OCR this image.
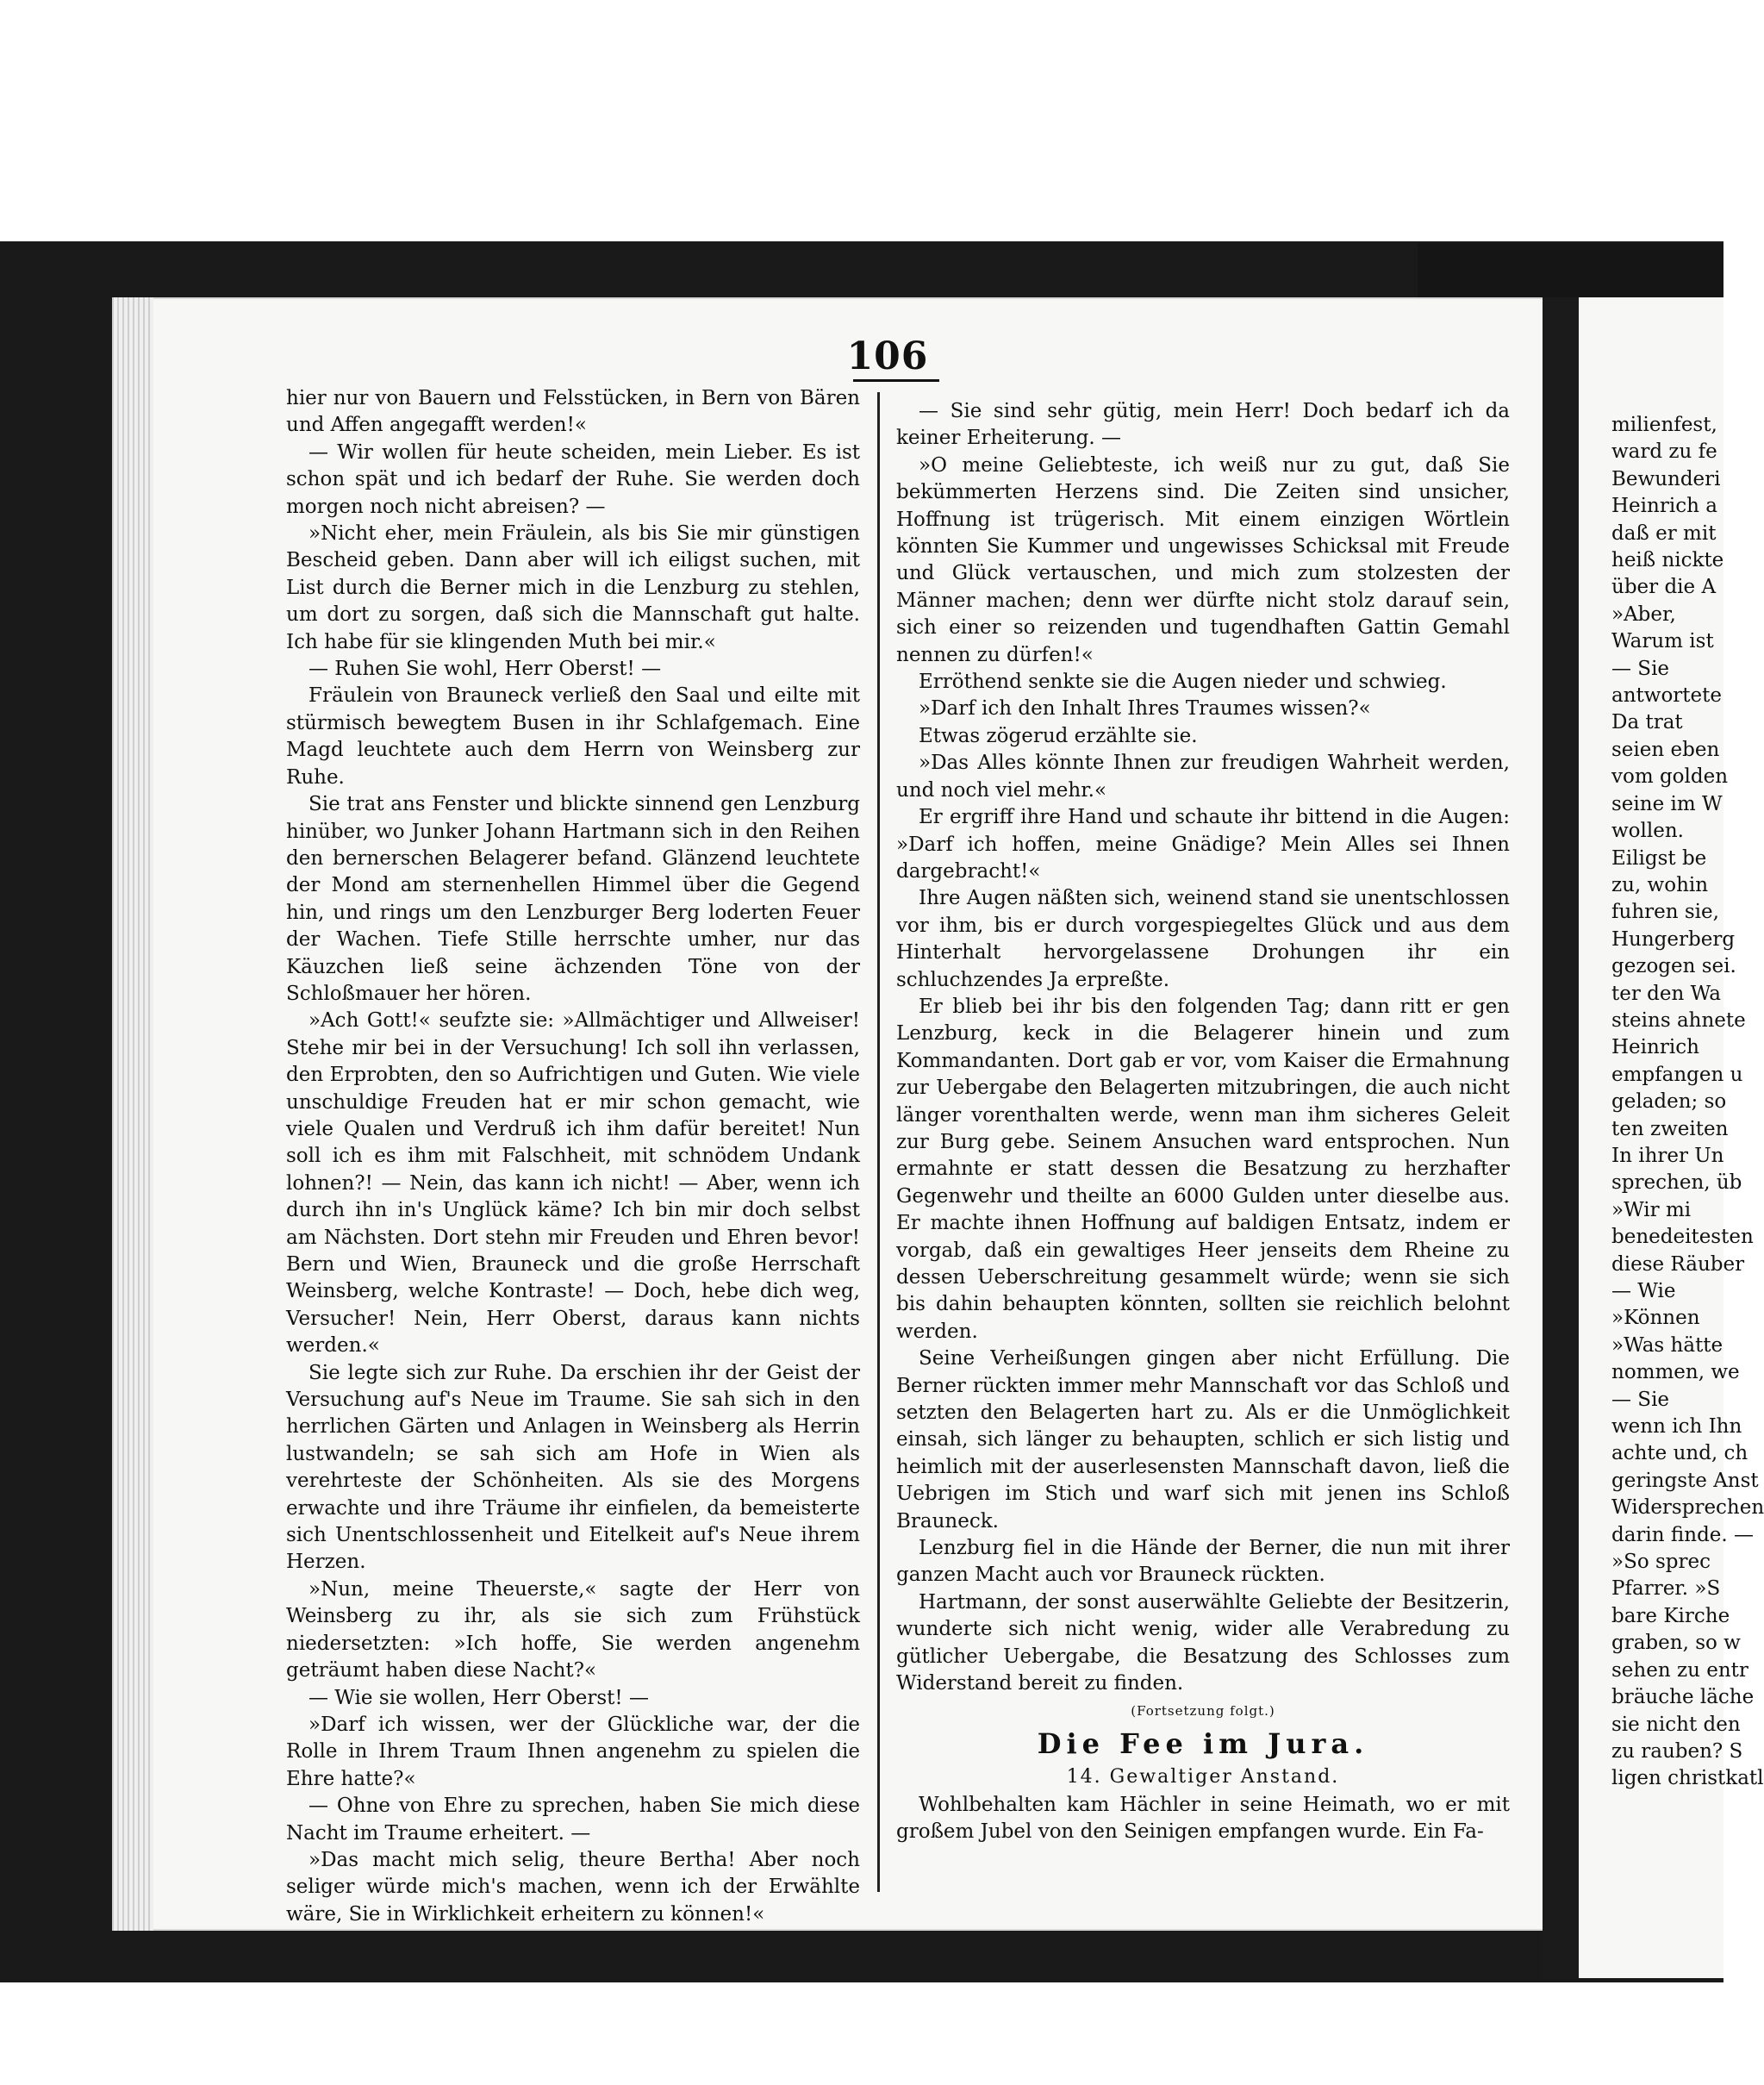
106

hier nur von Bauern und Felsstücken, in Bern von Bären und Affen angegafft werden!«

— Wir wollen für heute scheiden, mein Lieber. Es ist schon spät und ich bedarf der Ruhe. Sie werden doch morgen noch nicht abreisen? —

»Nicht eher, mein Fräulein, als bis Sie mir günstigen Bescheid geben. Dann aber will ich eiligst suchen, mit List durch die Berner mich in die Lenzburg zu stehlen, um dort zu sorgen, daß sich die Mannschaft gut halte. Ich habe für sie klingenden Muth bei mir.«

— Ruhen Sie wohl, Herr Oberst! —

Fräulein von Brauneck verließ den Saal und eilte mit stürmisch bewegtem Busen in ihr Schlafgemach. Eine Magd leuchtete auch dem Herrn von Weinsberg zur Ruhe.

Sie trat ans Fenster und blickte sinnend gen Lenzburg hinüber, wo Junker Johann Hartmann sich in den Reihen den bernerschen Belagerer befand. Glänzend leuchtete der Mond am sternenhellen Himmel über die Gegend hin, und rings um den Lenzburger Berg loderten Feuer der Wachen. Tiefe Stille herrschte umher, nur das Käuzchen ließ seine ächzenden Töne von der Schloßmauer her hören.

»Ach Gott!« seufzte sie: »Allmächtiger und Allweiser! Stehe mir bei in der Versuchung! Ich soll ihn verlassen, den Erprobten, den so Aufrichtigen und Guten. Wie viele unschuldige Freuden hat er mir schon gemacht, wie viele Qualen und Verdruß ich ihm dafür bereitet! Nun soll ich es ihm mit Falschheit, mit schnödem Undank lohnen?! — Nein, das kann ich nicht! — Aber, wenn ich durch ihn in's Unglück käme? Ich bin mir doch selbst am Nächsten. Dort stehn mir Freuden und Ehren bevor! Bern und Wien, Brauneck und die große Herrschaft Weinsberg, welche Kontraste! — Doch, hebe dich weg, Versucher! Nein, Herr Oberst, daraus kann nichts werden.«

Sie legte sich zur Ruhe. Da erschien ihr der Geist der Versuchung auf's Neue im Traume. Sie sah sich in den herrlichen Gärten und Anlagen in Weinsberg als Herrin lustwandeln; se sah sich am Hofe in Wien als verehrteste der Schönheiten. Als sie des Morgens erwachte und ihre Träume ihr einfielen, da bemeisterte sich Unentschlossenheit und Eitelkeit auf's Neue ihrem Herzen.

»Nun, meine Theuerste,« sagte der Herr von Weinsberg zu ihr, als sie sich zum Frühstück niedersetzten: »Ich hoffe, Sie werden angenehm geträumt haben diese Nacht?«

— Wie sie wollen, Herr Oberst! —

»Darf ich wissen, wer der Glückliche war, der die Rolle in Ihrem Traum Ihnen angenehm zu spielen die Ehre hatte?«

— Ohne von Ehre zu sprechen, haben Sie mich diese Nacht im Traume erheitert. —

»Das macht mich selig, theure Bertha! Aber noch seliger würde mich's machen, wenn ich der Erwählte wäre, Sie in Wirklichkeit erheitern zu können!«

— Sie sind sehr gütig, mein Herr! Doch bedarf ich da keiner Erheiterung. —

»O meine Geliebteste, ich weiß nur zu gut, daß Sie bekümmerten Herzens sind. Die Zeiten sind unsicher, Hoffnung ist trügerisch. Mit einem einzigen Wörtlein könnten Sie Kummer und ungewisses Schicksal mit Freude und Glück vertauschen, und mich zum stolzesten der Männer machen; denn wer dürfte nicht stolz darauf sein, sich einer so reizenden und tugendhaften Gattin Gemahl nennen zu dürfen!«

Erröthend senkte sie die Augen nieder und schwieg.

»Darf ich den Inhalt Ihres Traumes wissen?«

Etwas zögerud erzählte sie.

»Das Alles könnte Ihnen zur freudigen Wahrheit werden, und noch viel mehr.«

Er ergriff ihre Hand und schaute ihr bittend in die Augen: »Darf ich hoffen, meine Gnädige? Mein Alles sei Ihnen dargebracht!«

Ihre Augen näßten sich, weinend stand sie unentschlossen vor ihm, bis er durch vorgespiegeltes Glück und aus dem Hinterhalt hervorgelassene Drohungen ihr ein schluchzendes Ja erpreßte.

Er blieb bei ihr bis den folgenden Tag; dann ritt er gen Lenzburg, keck in die Belagerer hinein und zum Kommandanten. Dort gab er vor, vom Kaiser die Ermahnung zur Uebergabe den Belagerten mitzubringen, die auch nicht länger vorenthalten werde, wenn man ihm sicheres Geleit zur Burg gebe. Seinem Ansuchen ward entsprochen. Nun ermahnte er statt dessen die Besatzung zu herzhafter Gegenwehr und theilte an 6000 Gulden unter dieselbe aus. Er machte ihnen Hoffnung auf baldigen Entsatz, indem er vorgab, daß ein gewaltiges Heer jenseits dem Rheine zu dessen Ueberschreitung gesammelt würde; wenn sie sich bis dahin behaupten könnten, sollten sie reichlich belohnt werden.

Seine Verheißungen gingen aber nicht Erfüllung. Die Berner rückten immer mehr Mannschaft vor das Schloß und setzten den Belagerten hart zu. Als er die Unmöglichkeit einsah, sich länger zu behaupten, schlich er sich listig und heimlich mit der auserlesensten Mannschaft davon, ließ die Uebrigen im Stich und warf sich mit jenen ins Schloß Brauneck.

Lenzburg fiel in die Hände der Berner, die nun mit ihrer ganzen Macht auch vor Brauneck rückten.

Hartmann, der sonst auserwählte Geliebte der Besitzerin, wunderte sich nicht wenig, wider alle Verabredung zu gütlicher Uebergabe, die Besatzung des Schlosses zum Widerstand bereit zu finden.

(Fortsetzung folgt.)

Die Fee im Jura.

14. Gewaltiger Anstand.

Wohlbehalten kam Hächler in seine Heimath, wo er mit großem Jubel von den Seinigen empfangen wurde. Ein Fa-

milienfest,

ward zu fe

Bewunderi

Heinrich a

daß er mit

heiß nickte

über die A

»Aber,

Warum ist

— Sie

antwortete

Da trat

seien eben

vom golden

seine im W

wollen.

Eiligst be

zu, wohin

fuhren sie,

Hungerberg

gezogen sei.

ter den Wa

steins ahnete

Heinrich

empfangen u

geladen; so

ten zweiten

In ihrer Un

sprechen, üb

»Wir mi

benedeitesten

diese Räuber

— Wie

»Können

»Was hätte

nommen, we

— Sie

wenn ich Ihn

achte und, ch

geringste Anst

Widersprechen

darin finde. —

»So sprec

Pfarrer. »S

bare Kirche

graben, so w

sehen zu entr

bräuche läche

sie nicht den

zu rauben? S

ligen christkatl
